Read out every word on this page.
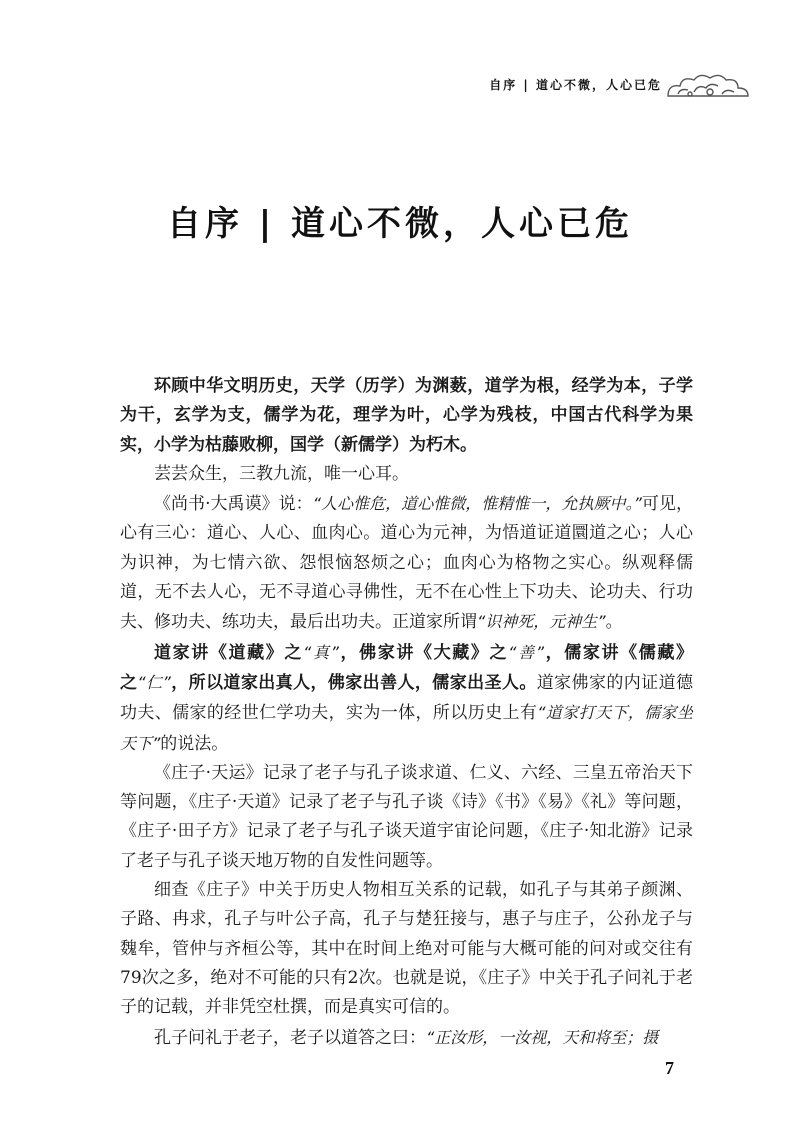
自序 | 道心不微，人心已危
自序 | 道心不微，人心已危

环顾中华文明历史，天学（历学）为渊薮，道学为根，经学为本，子学为干，玄学为支，儒学为花，理学为叶，心学为残枝，中国古代科学为果实，小学为枯藤败柳，国学（新儒学）为朽木。

芸芸众生，三教九流，唯一心耳。

《尚书·大禹谟》说：“人心惟危，道心惟微，惟精惟一，允执厥中。”可见，心有三心：道心、人心、血肉心。道心为元神，为悟道证道圜道之心；人心为识神，为七情六欲、怨恨恼怒烦之心；血肉心为格物之实心。纵观释儒道，无不去人心，无不寻道心寻佛性，无不在心性上下功夫、论功夫、行功夫、修功夫、练功夫，最后出功夫。正道家所谓“识神死，元神生”。

道家讲《道藏》之“真”，佛家讲《大藏》之“善”，儒家讲《儒藏》之“仁”，所以道家出真人，佛家出善人，儒家出圣人。道家佛家的内证道德功夫、儒家的经世仁学功夫，实为一体，所以历史上有“道家打天下，儒家坐天下”的说法。

《庄子·天运》记录了老子与孔子谈求道、仁义、六经、三皇五帝治天下等问题，《庄子·天道》记录了老子与孔子谈《诗》《书》《易》《礼》等问题，《庄子·田子方》记录了老子与孔子谈天道宇宙论问题，《庄子·知北游》记录了老子与孔子谈天地万物的自发性问题等。

细查《庄子》中关于历史人物相互关系的记载，如孔子与其弟子颜渊、子路、冉求，孔子与叶公子高，孔子与楚狂接与，惠子与庄子，公孙龙子与魏牟，管仲与齐桓公等，其中在时间上绝对可能与大概可能的问对或交往有79次之多，绝对不可能的只有2次。也就是说，《庄子》中关于孔子问礼于老子的记载，并非凭空杜撰，而是真实可信的。

孔子问礼于老子，老子以道答之曰：“正汝形，一汝视，天和将至；摄

7
